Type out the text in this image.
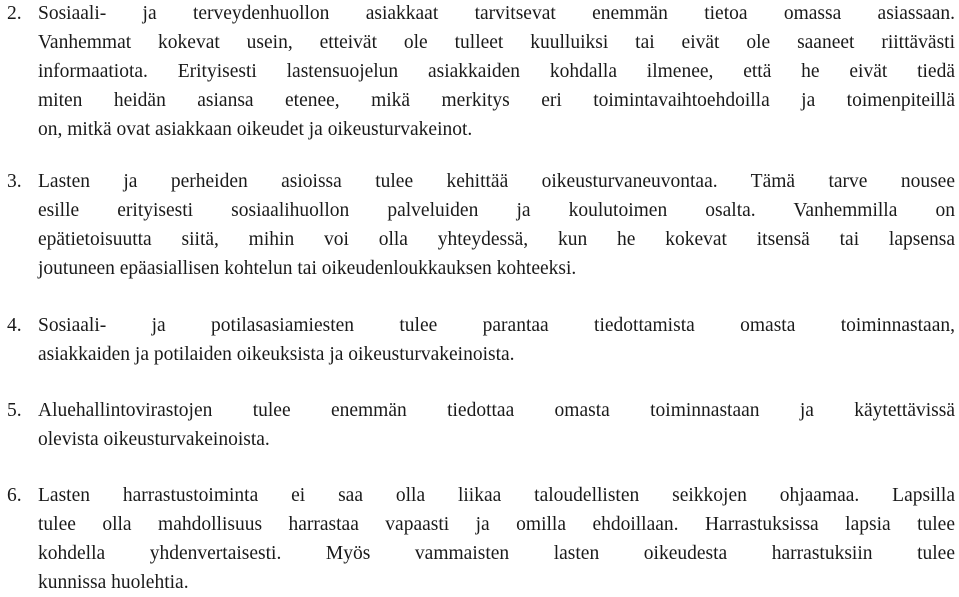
2. Sosiaali- ja terveydenhuollon asiakkaat tarvitsevat enemmän tietoa omassa asiassaan.
Vanhemmat kokevat usein, etteivät ole tulleet kuulluiksi tai eivät ole saaneet riittävästi
informaatiota. Erityisesti lastensuojelun asiakkaiden kohdalla ilmenee, että he eivät tiedä
miten heidän asiansa etenee, mikä merkitys eri toimintavaihtoehdoilla ja toimenpiteillä
on, mitkä ovat asiakkaan oikeudet ja oikeusturvakeinot.
3. Lasten ja perheiden asioissa tulee kehittää oikeusturvaneuvontaa. Tämä tarve nousee
esille erityisesti sosiaalihuollon palveluiden ja koulutoimen osalta. Vanhemmilla on
epätietoisuutta siitä, mihin voi olla yhteydessä, kun he kokevat itsensä tai lapsensa
joutuneen epäasiallisen kohtelun tai oikeudenloukkauksen kohteeksi.
4. Sosiaali- ja potilasasiamiesten tulee parantaa tiedottamista omasta toiminnastaan,
asiakkaiden ja potilaiden oikeuksista ja oikeusturvakeinoista.
5. Aluehallintovirastojen tulee enemmän tiedottaa omasta toiminnastaan ja käytettävissä
olevista oikeusturvakeinoista.
6. Lasten harrastustoiminta ei saa olla liikaa taloudellisten seikkojen ohjaamaa. Lapsilla
tulee olla mahdollisuus harrastaa vapaasti ja omilla ehdoillaan. Harrastuksissa lapsia tulee
kohdella yhdenvertaisesti. Myös vammaisten lasten oikeudesta harrastuksiin tulee
kunnissa huolehtia.
